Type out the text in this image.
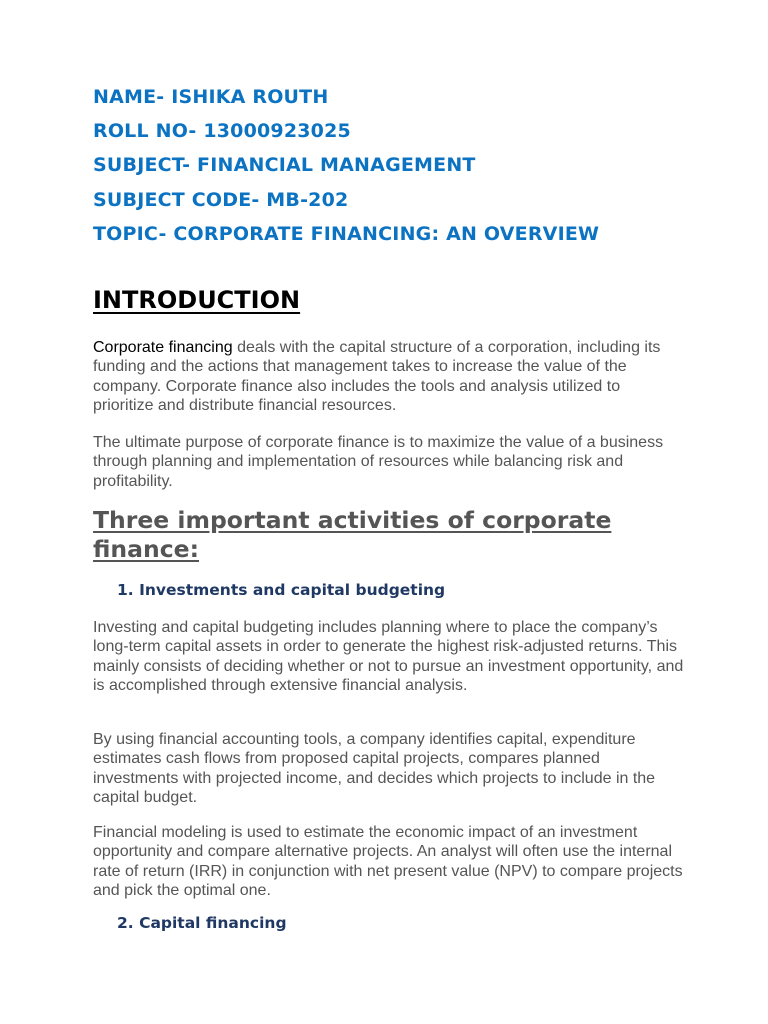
NAME- ISHIKA ROUTH

ROLL NO- 13000923025

SUBJECT- FINANCIAL MANAGEMENT

SUBJECT CODE- MB-202

TOPIC- CORPORATE FINANCING: AN OVERVIEW

INTRODUCTION

Corporate financing deals with the capital structure of a corporation, including its funding and the actions that management takes to increase the value of the company. Corporate finance also includes the tools and analysis utilized to prioritize and distribute financial resources.

The ultimate purpose of corporate finance is to maximize the value of a business through planning and implementation of resources while balancing risk and profitability.

Three important activities of corporate finance:

1. Investments and capital budgeting

Investing and capital budgeting includes planning where to place the company’s long-term capital assets in order to generate the highest risk-adjusted returns. This mainly consists of deciding whether or not to pursue an investment opportunity, and is accomplished through extensive financial analysis.

By using financial accounting tools, a company identifies capital, expenditure estimates cash flows from proposed capital projects, compares planned investments with projected income, and decides which projects to include in the capital budget.

Financial modeling is used to estimate the economic impact of an investment opportunity and compare alternative projects. An analyst will often use the internal rate of return (IRR) in conjunction with net present value (NPV) to compare projects and pick the optimal one.

2. Capital financing
